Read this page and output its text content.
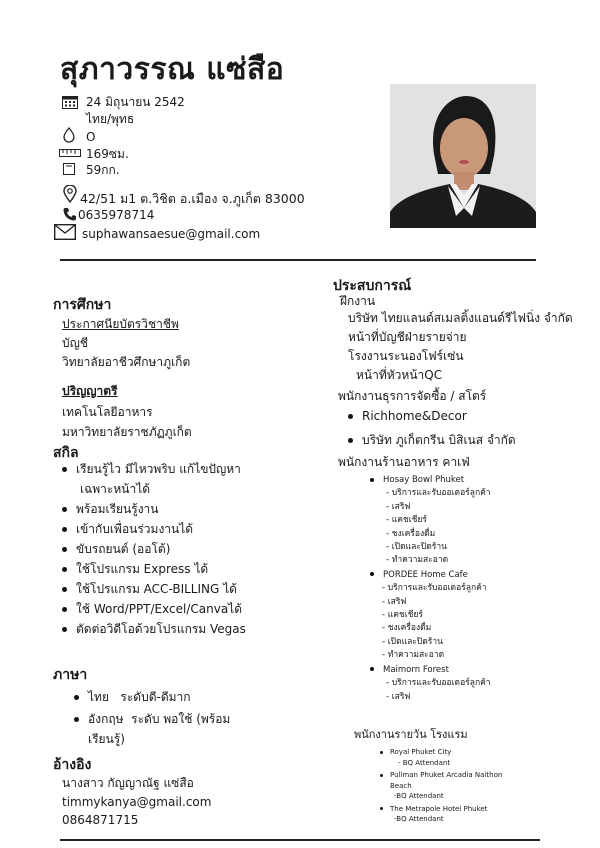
สุภาวรรณ แซ่สือ
24 มิถุนายน 2542
ไทย/พุทธ
O
169ซม.
59กก.
42/51 ม1 ต.วิชิต อ.เมือง จ.ภูเก็ต 83000
0635978714
suphawansaesue@gmail.com
การศึกษา
ประกาศนียบัตรวิชาชีพ
บัญชี
วิทยาลัยอาชีวศึกษาภูเก็ต
ปริญญาตรี
เทคโนโลยีอาหาร
มหาวิทยาลัยราชภัฏภูเก็ต
สกิล
เรียนรู้ไว มีไหวพริบ แก้ไขปัญหา
เฉพาะหน้าได้
พร้อมเรียนรู้งาน
เข้ากับเพื่อนร่วมงานได้
ขับรถยนต์ (ออโต้)
ใช้โปรแกรม Express ได้
ใช้โปรแกรม ACC-BILLING ได้
ใช้ Word/PPT/Excel/Canvaได้
ตัดต่อวิดีโอด้วยโปรแกรม Vegas
ภาษา
ไทย   ระดับดี-ดีมาก
อังกฤษ  ระดับ พอใช้ (พร้อม
เรียนรู้)
อ้างอิง
นางสาว กัญญาณัฐ แซ่สือ
timmykanya@gmail.com
0864871715
ประสบการณ์
ฝึกงาน
บริษัท ไทยแลนด์สเมลติ้งแอนด์รีไฟนิ่ง จำกัด
หน้าที่บัญชีฝ่ายรายจ่าย
โรงงานระนองโฟร์เซ่น
หน้าที่หัวหน้าQC
พนักงานธุรการจัดซื้อ / สโตร์
Richhome&Decor
บริษัท ภูเก็ตกรีน บิสิเนส จำกัด
พนักงานร้านอาหาร คาเฟ่
Hosay Bowl Phuket
- บริการและรับออเดอร์ลูกค้า
- เสริฟ
- แคชเชียร์
- ชงเครื่องดื่ม
- เปิดและปิดร้าน
- ทำความสะอาด
PORDEE Home Cafe
- บริการและรับออเดอร์ลูกค้า
- เสริฟ
- แคชเชียร์
- ชงเครื่องดื่ม
- เปิดและปิดร้าน
- ทำความสะอาด
Maimorn Forest
- บริการและรับออเดอร์ลูกค้า
- เสริฟ
พนักงานรายวัน โรงแรม
Royal Phuket City
- BQ Attendant
Pullman Phuket Arcadia Naithon
Beach
-BQ Attendant
The Metrapole Hotel Phuket
-BQ Attendant
